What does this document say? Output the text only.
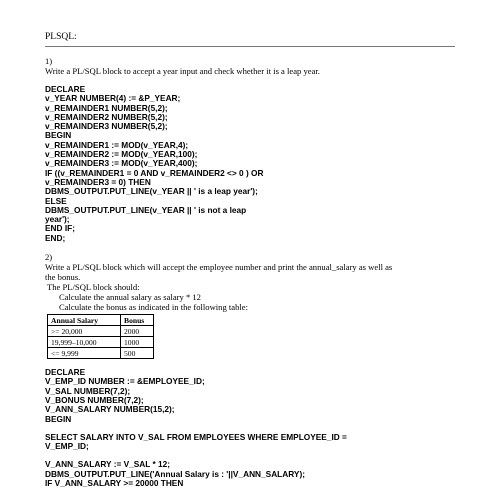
PLSQL:
1)
Write a PL/SQL block to accept a year input and check whether it is a leap year.
DECLARE
v_YEAR NUMBER(4) := &P_YEAR;
v_REMAINDER1 NUMBER(5,2);
v_REMAINDER2 NUMBER(5,2);
v_REMAINDER3 NUMBER(5,2);
BEGIN
v_REMAINDER1 := MOD(v_YEAR,4);
v_REMAINDER2 := MOD(v_YEAR,100);
v_REMAINDER3 := MOD(v_YEAR,400);
IF ((v_REMAINDER1 = 0 AND v_REMAINDER2 <> 0 ) OR
v_REMAINDER3 = 0) THEN
DBMS_OUTPUT.PUT_LINE(v_YEAR || ' is a leap year');
ELSE
DBMS_OUTPUT.PUT_LINE(v_YEAR || ' is not a leap
year');
END IF;
END;
2)
Write a PL/SQL block which will accept the employee number and print the annual_salary as well as
the bonus.
The PL/SQL block should:
Calculate the annual salary as salary * 12
Calculate the bonus as indicated in the following table:
Annual Salary	Bonus
>= 20,000	2000
19,999–10,000	1000
<= 9,999	500
DECLARE
V_EMP_ID NUMBER := &EMPLOYEE_ID;
V_SAL NUMBER(7,2);
V_BONUS NUMBER(7,2);
V_ANN_SALARY NUMBER(15,2);
BEGIN
SELECT SALARY INTO V_SAL FROM EMPLOYEES WHERE EMPLOYEE_ID =
V_EMP_ID;
V_ANN_SALARY := V_SAL * 12;
DBMS_OUTPUT.PUT_LINE('Annual Salary is : '||V_ANN_SALARY);
IF V_ANN_SALARY >= 20000 THEN
